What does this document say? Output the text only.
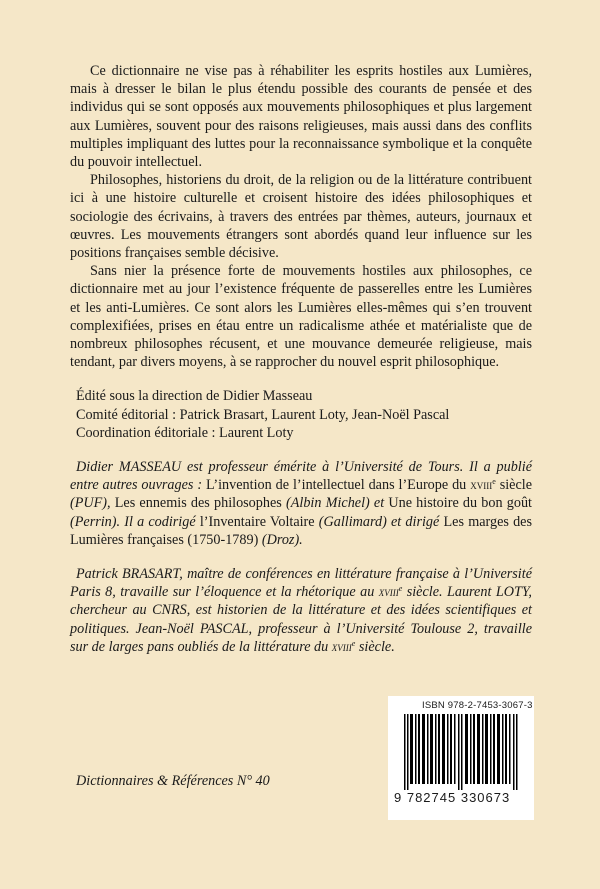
Ce dictionnaire ne vise pas à réhabiliter les esprits hostiles aux Lumières, mais à dresser le bilan le plus étendu possible des courants de pensée et des individus qui se sont opposés aux mouvements philosophiques et plus largement aux Lumières, souvent pour des raisons religieuses, mais aussi dans des conflits multiples impliquant des luttes pour la reconnaissance symbolique et la conquête du pouvoir intellectuel.

Philosophes, historiens du droit, de la religion ou de la littérature contribuent ici à une histoire culturelle et croisent histoire des idées philosophiques et sociologie des écrivains, à travers des entrées par thèmes, auteurs, journaux et œuvres. Les mouvements étrangers sont abordés quand leur influence sur les positions françaises semble décisive.

Sans nier la présence forte de mouvements hostiles aux philosophes, ce dictionnaire met au jour l’existence fréquente de passerelles entre les Lumières et les anti-Lumières. Ce sont alors les Lumières elles-mêmes qui s’en trouvent complexifiées, prises en étau entre un radicalisme athée et matérialiste que de nombreux philosophes récusent, et une mouvance demeurée religieuse, mais tendant, par divers moyens, à se rapprocher du nouvel esprit philosophique.

Édité sous la direction de Didier Masseau

Comité éditorial : Patrick Brasart, Laurent Loty, Jean-Noël Pascal

Coordination éditoriale : Laurent Loty

Didier MASSEAU est professeur émérite à l’Université de Tours. Il a publié entre autres ouvrages : L’invention de l’intellectuel dans l’Europe du xviii$^e$ siècle (PUF), Les ennemis des philosophes (Albin Michel) et Une histoire du bon goût (Perrin). Il a codirigé l’Inventaire Voltaire (Gallimard) et dirigé Les marges des Lumières françaises (1750-1789) (Droz).

Patrick BRASART, maître de conférences en littérature française à l’Université Paris 8, travaille sur l’éloquence et la rhétorique au xviii$^e$ siècle. Laurent LOTY, chercheur au CNRS, est historien de la littérature et des idées scientifiques et politiques. Jean-Noël PASCAL, professeur à l’Université Toulouse 2, travaille sur de larges pans oubliés de la littérature du xviii$^e$ siècle.

Dictionnaires & Références N° 40
ISBN 978-2-7453-3067-3
9 782745 330673
